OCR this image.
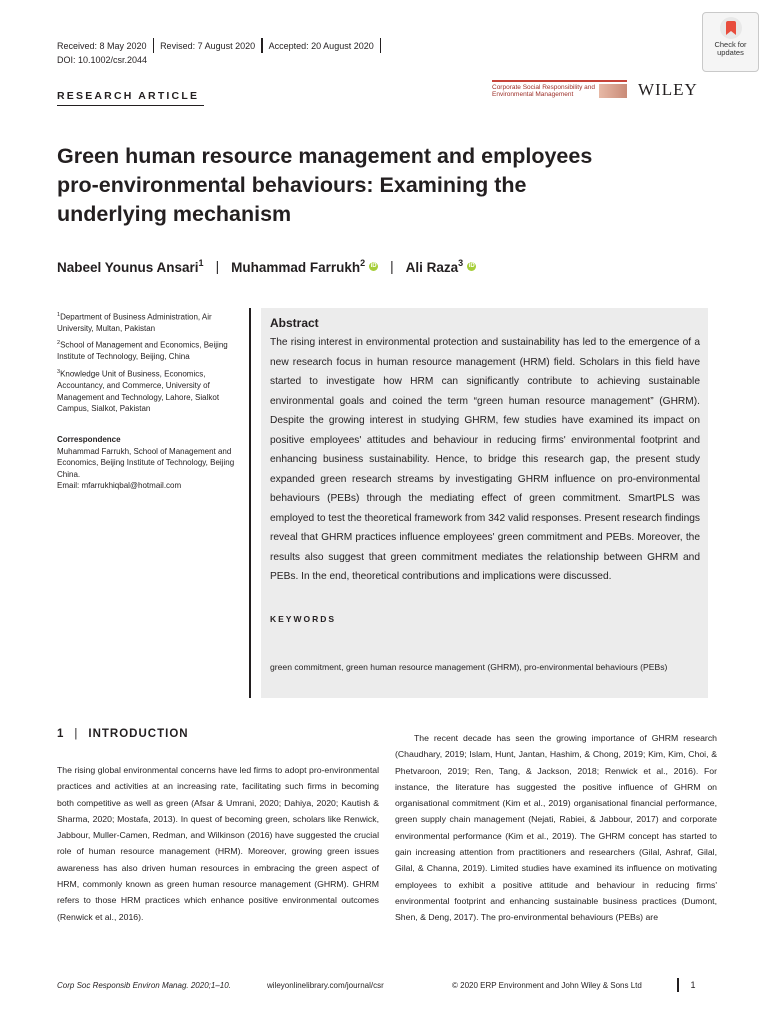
Received: 8 May 2020	Revised: 7 August 2020	Accepted: 20 August 2020
DOI: 10.1002/csr.2044
RESEARCH ARTICLE
Check for
updates
Corporate Social Responsibility and
Environmental Management	WILEY
Green human resource management and employees pro-environmental behaviours: Examining the underlying mechanism
Nabeel Younus Ansari$^1$ | Muhammad Farrukh$^2$ iD	| Ali Raza$^3$ iD
$^1$Department of Business Administration, Air University, Multan, Pakistan
$^2$School of Management and Economics, Beijing Institute of Technology, Beijing, China
$^3$Knowledge Unit of Business, Economics, Accountancy, and Commerce, University of Management and Technology, Lahore, Sialkot Campus, Sialkot, Pakistan
Correspondence
Muhammad Farrukh, School of Management and Economics, Beijing Institute of Technology, Beijing China.
Email: mfarrukhiqbal@hotmail.com
Abstract
The rising interest in environmental protection and sustainability has led to the emergence of a new research focus in human resource management (HRM) field. Scholars in this field have started to investigate how HRM can significantly contribute to achieving sustainable environmental goals and coined the term “green human resource management” (GHRM). Despite the growing interest in studying GHRM, few studies have examined its impact on positive employees' attitudes and behaviour in reducing firms' environmental footprint and enhancing business sustainability. Hence, to bridge this research gap, the present study expanded green research streams by investigating GHRM influence on pro-environmental behaviours (PEBs) through the mediating effect of green commitment. SmartPLS was employed to test the theoretical framework from 342 valid responses. Present research findings reveal that GHRM practices influence employees' green commitment and PEBs. Moreover, the results also suggest that green commitment mediates the relationship between GHRM and PEBs. In the end, theoretical contributions and implications were discussed.
KEYWORDS
green commitment, green human resource management (GHRM), pro-environmental behaviours (PEBs)
1 | INTRODUCTION
The rising global environmental concerns have led firms to adopt pro-environmental practices and activities at an increasing rate, facilitating such firms in becoming both competitive as well as green (Afsar & Umrani, 2020; Dahiya, 2020; Kautish & Sharma, 2020; Mostafa, 2013). In quest of becoming green, scholars like Renwick, Jabbour, Muller-Camen, Redman, and Wilkinson (2016) have suggested the crucial role of human resource management (HRM). Moreover, growing green issues awareness has also driven human resources in embracing the green aspect of HRM, commonly known as green human resource management (GHRM). GHRM refers to those HRM practices which enhance positive environmental outcomes (Renwick et al., 2016).
The recent decade has seen the growing importance of GHRM research (Chaudhary, 2019; Islam, Hunt, Jantan, Hashim, & Chong, 2019; Kim, Kim, Choi, & Phetvaroon, 2019; Ren, Tang, & Jackson, 2018; Renwick et al., 2016). For instance, the literature has suggested the positive influence of GHRM on organisational commitment (Kim et al., 2019) organisational financial performance, green supply chain management (Nejati, Rabiei, & Jabbour, 2017) and corporate environmental performance (Kim et al., 2019). The GHRM concept has started to gain increasing attention from practitioners and researchers (Gilal, Ashraf, Gilal, Gilal, & Channa, 2019). Limited studies have examined its influence on motivating employees to exhibit a positive attitude and behaviour in reducing firms' environmental footprint and enhancing sustainable business practices (Dumont, Shen, & Deng, 2017). The pro-environmental behaviours (PEBs) are
Corp Soc Responsib Environ Manag. 2020;1–10.	wileyonlinelibrary.com/journal/csr	© 2020 ERP Environment and John Wiley & Sons Ltd	1
